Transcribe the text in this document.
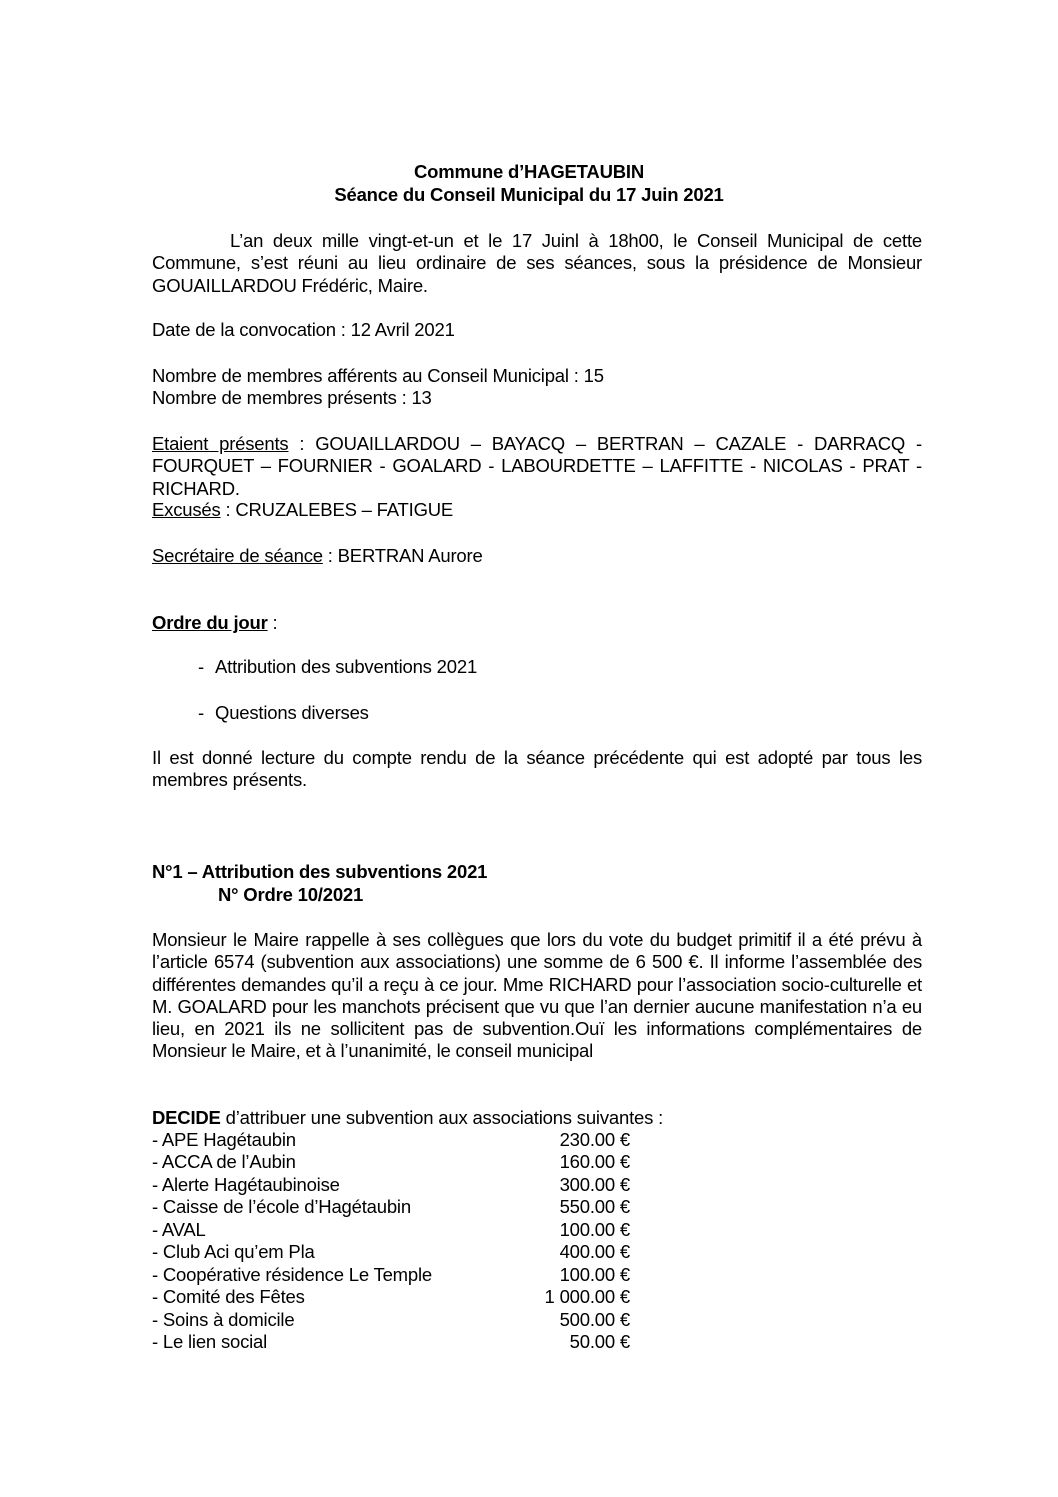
Commune d’HAGETAUBIN
Séance du Conseil Municipal du 17 Juin 2021
L’an deux mille vingt-et-un et le 17 Juinl à 18h00, le Conseil Municipal de cette Commune, s’est réuni au lieu ordinaire de ses séances, sous la présidence de Monsieur GOUAILLARDOU Frédéric, Maire.
Date de la convocation : 12 Avril 2021
Nombre de membres afférents au Conseil Municipal : 15
Nombre de membres présents : 13
Etaient présents : GOUAILLARDOU – BAYACQ – BERTRAN – CAZALE - DARRACQ - FOURQUET – FOURNIER - GOALARD - LABOURDETTE – LAFFITTE - NICOLAS - PRAT - RICHARD.
Excusés : CRUZALEBES – FATIGUE
Secrétaire de séance : BERTRAN Aurore
Ordre du jour :
- Attribution des subventions 2021
- Questions diverses
Il est donné lecture du compte rendu de la séance précédente qui est adopté par tous les membres présents.
N°1 – Attribution des subventions 2021
N° Ordre 10/2021
Monsieur le Maire rappelle à ses collègues que lors du vote du budget primitif il a été prévu à l’article 6574 (subvention aux associations) une somme de 6 500 €. Il informe l’assemblée des différentes demandes qu’il a reçu à ce jour. Mme RICHARD pour l’association socio-culturelle et M. GOALARD pour les manchots précisent que vu que l’an dernier aucune manifestation n’a eu lieu, en 2021 ils ne sollicitent pas de subvention.Ouï les informations complémentaires de Monsieur le Maire, et à l’unanimité, le conseil municipal
DECIDE d’attribuer une subvention aux associations suivantes :
- APE Hagétaubin	230.00 €
- ACCA de l’Aubin	160.00 €
- Alerte Hagétaubinoise	300.00 €
- Caisse de l’école d’Hagétaubin	550.00 €
- AVAL	100.00 €
- Club Aci qu’em Pla	400.00 €
- Coopérative résidence Le Temple	100.00 €
- Comité des Fêtes	1 000.00 €
- Soins à domicile	500.00 €
- Le lien social	50.00 €
